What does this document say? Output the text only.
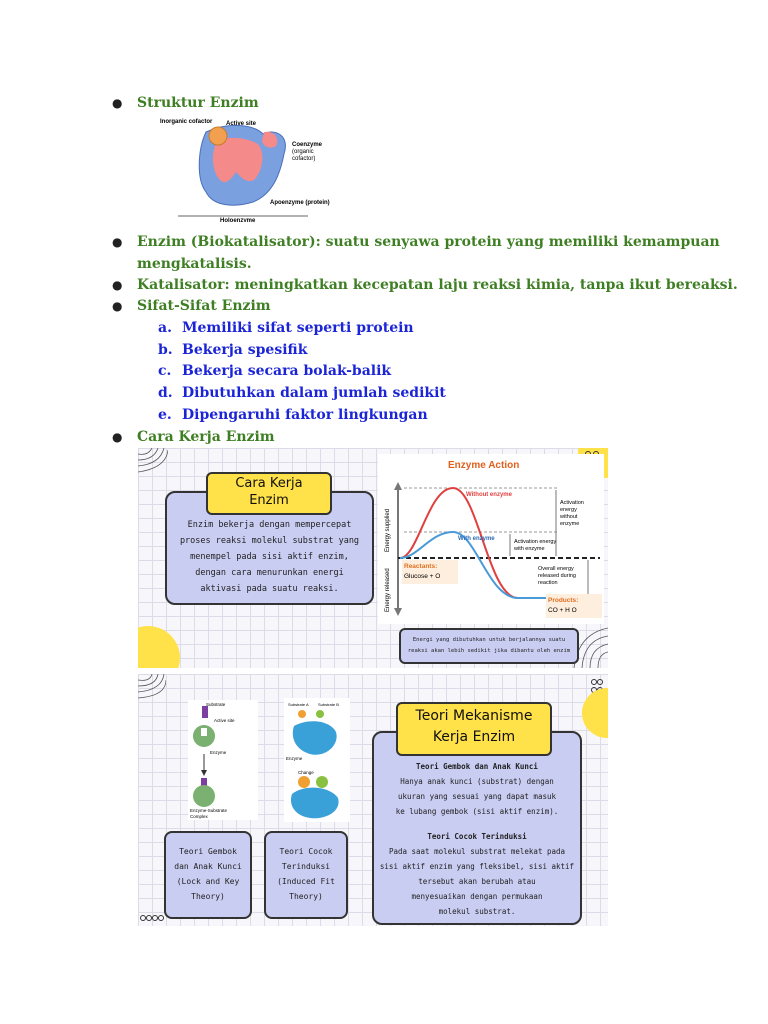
● Struktur Enzim
Inorganic cofactor Active site
Coenzyme
(organic
cofactor)
Apoenzyme (protein)
Holoenzyme
● Enzim (Biokatalisator): suatu senyawa protein yang memiliki kemampuan
mengkatalisis.
● Katalisator: meningkatkan kecepatan laju reaksi kimia, tanpa ikut bereaksi.
● Sifat-Sifat Enzim
a. Memiliki sifat seperti protein
b. Bekerja spesifik
c. Bekerja secara bolak-balik
d. Dibutuhkan dalam jumlah sedikit
e. Dipengaruhi faktor lingkungan
● Cara Kerja Enzim
Enzim bekerja dengan mempercepat
proses reaksi molekul substrat yang
menempel pada sisi aktif enzim,
dengan cara menurunkan energi
aktivasi pada suatu reaksi.
Cara Kerja
Enzim
Enzyme Action
Energy supplied
Energy released
Without enzyme
With enzyme
Activation
energy
without
enzyme
Activation energy
with enzyme
Overall energy
released during
reaction
Reactants:
Glucose + O
Products:
CO + H O
Energi yang dibutuhkan untuk berjalannya suatu
reaksi akan lebih sedikit jika dibantu oleh enzim
Substrate
Active site
Enzyme
Enzyme-Substrate
Complex
Substrate A Substrate B
Enzyme
Change
Teori Gembok
dan Anak Kunci
(Lock and Key
Theory)
Teori Cocok
Terinduksi
(Induced Fit
Theory)
Teori Gembok dan Anak Kunci
Hanya anak kunci (substrat) dengan
ukuran yang sesuai yang dapat masuk
ke lubang gembok (sisi aktif enzim).
Teori Cocok Terinduksi
Pada saat molekul substrat melekat pada
sisi aktif enzim yang fleksibel, sisi aktif
tersebut akan berubah atau
menyesuaikan dengan permukaan
molekul substrat.
Teori Mekanisme
Kerja Enzim
